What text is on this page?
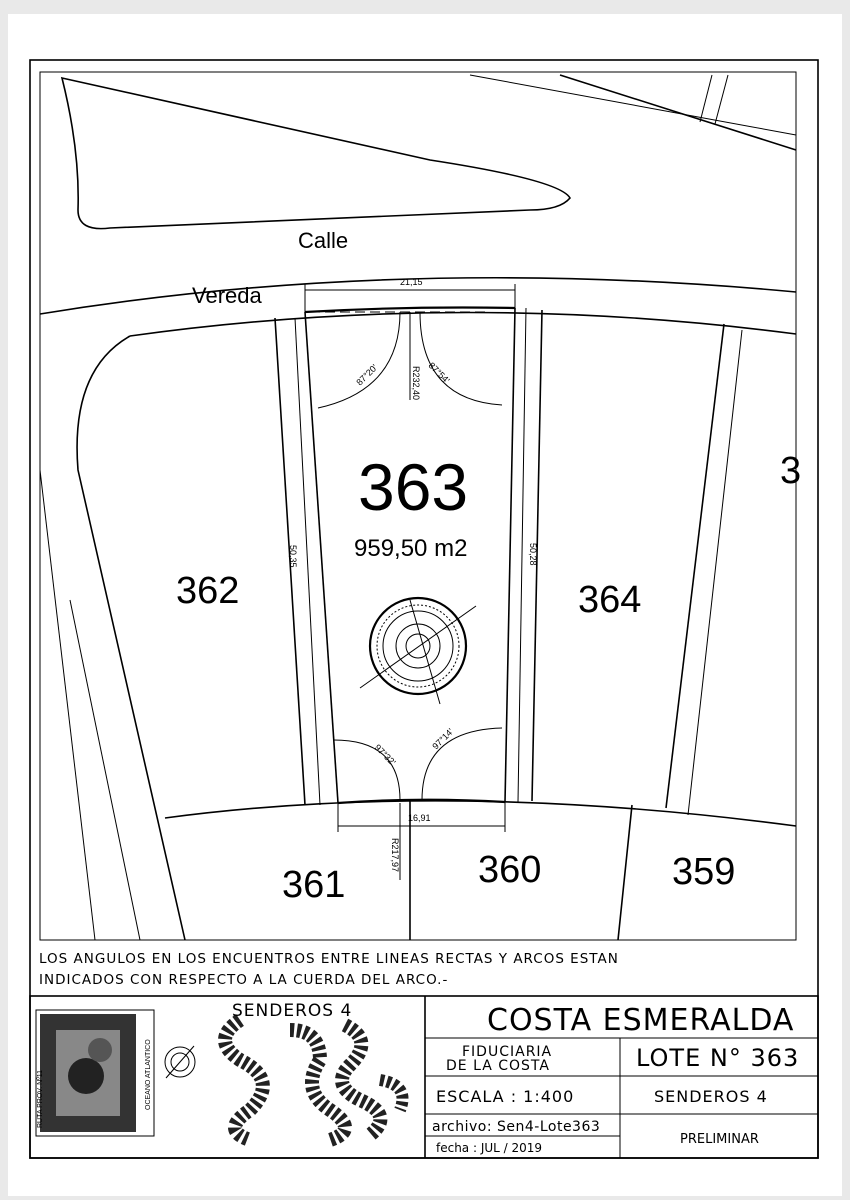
Calle
Vereda
21,15
16,91
50,35	50,28
R232,40
R217,97
87°20'	87°54'
97°32'
97°14'
363
959,50 m2
362	364
361	360	359
3
LOS ANGULOS EN LOS ENCUENTROS ENTRE LINEAS RECTAS Y ARCOS ESTAN
INDICADOS CON RESPECTO A LA CUERDA DEL ARCO.-
RUTA PROV. Nº11	OCEANO ATLANTICO
SENDEROS 4	COSTA ESMERALDA
FIDUCIARIA
DE LA COSTA	LOTE N° 363
ESCALA : 1:400	SENDEROS 4
archivo: Sen4-Lote363
PRELIMINAR
fecha : JUL / 2019
